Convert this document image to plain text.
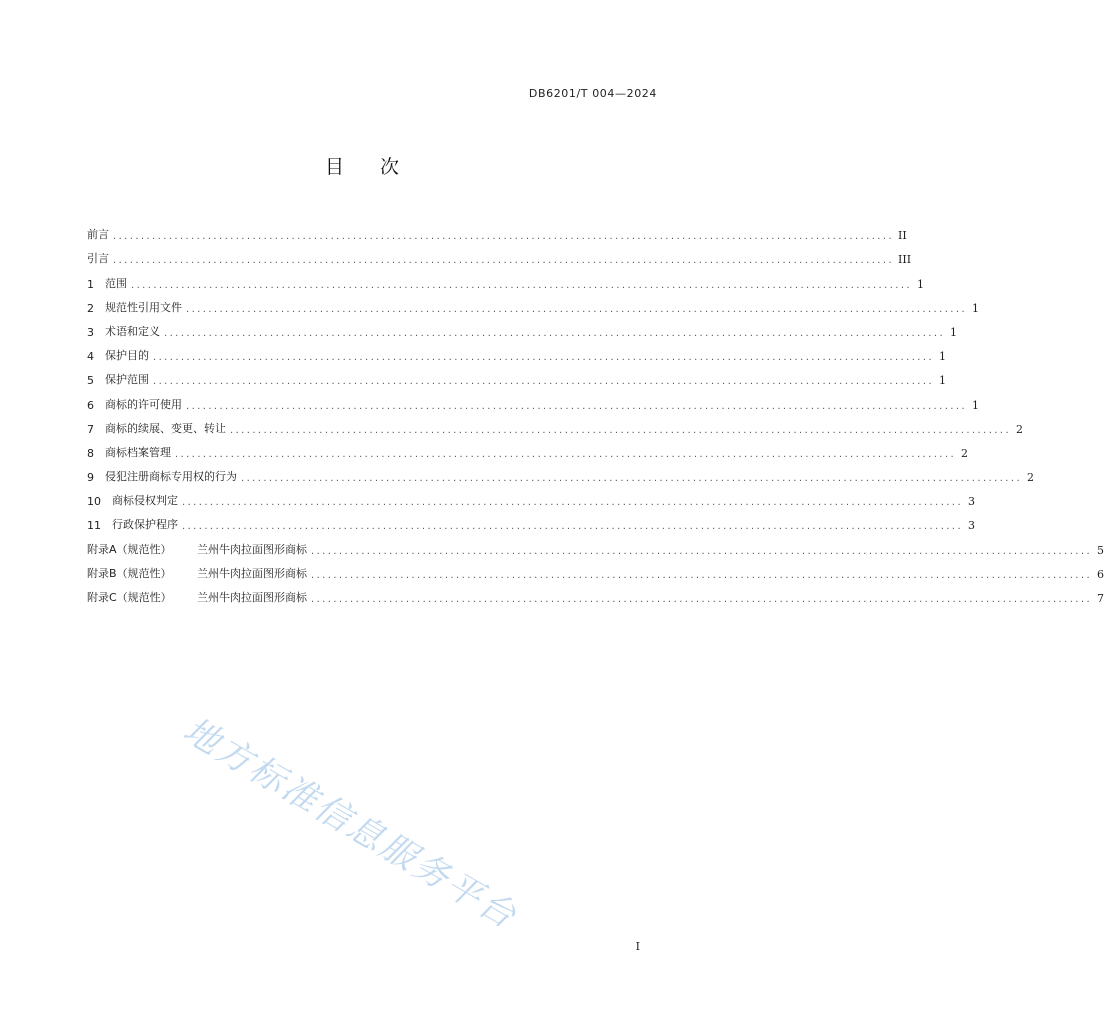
DB6201/T 004—2024
目 次
前言 ............................................................................................................................................ II
引言 ............................................................................................................................................ III
1	范围 ............................................................................................................................................ 1
2	规范性引用文件 ............................................................................................................................................ 1
3	术语和定义 ............................................................................................................................................ 1
4	保护目的 ............................................................................................................................................ 1
5	保护范围 ............................................................................................................................................ 1
6	商标的许可使用 ............................................................................................................................................ 1
7	商标的续展、变更、转让 ............................................................................................................................................ 2
8	商标档案管理 ............................................................................................................................................ 2
9	侵犯注册商标专用权的行为 ............................................................................................................................................ 2
10	商标侵权判定 ............................................................................................................................................ 3
11	行政保护程序 ............................................................................................................................................ 3
附录A（规范性）	兰州牛肉拉面图形商标 ............................................................................................................................................ 5
附录B（规范性）	兰州牛肉拉面图形商标 ............................................................................................................................................ 6
附录C（规范性）	兰州牛肉拉面图形商标 ............................................................................................................................................ 7
地方标准信息服务平台
I
